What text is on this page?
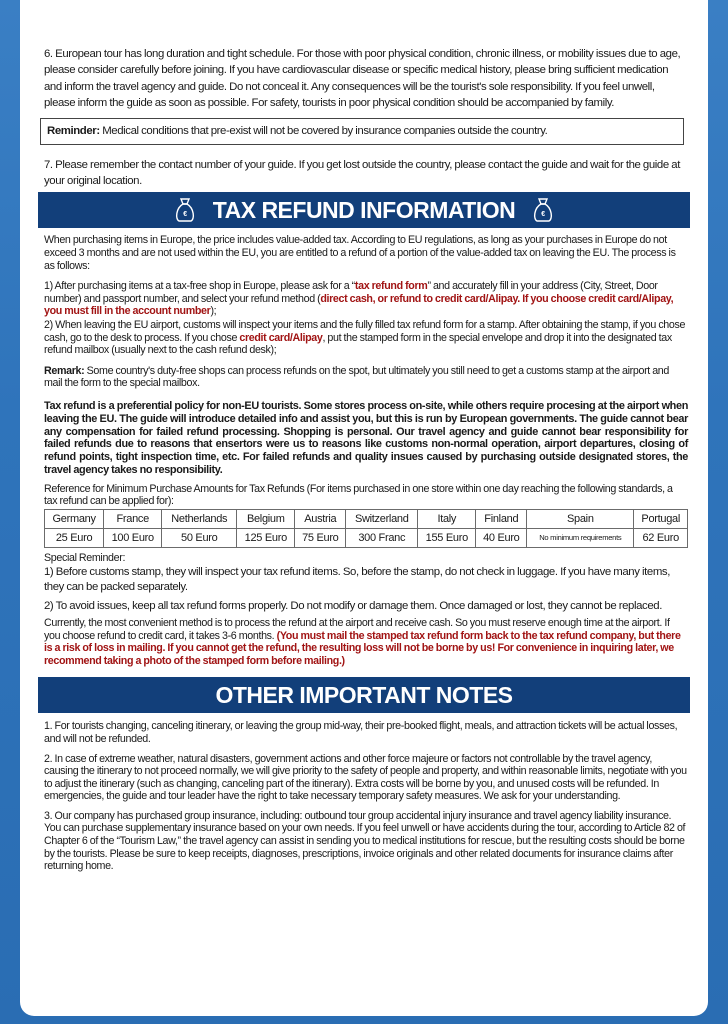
6. European tour has long duration and tight schedule. For those with poor physical condition, chronic illness, or mobility issues due to age, please consider carefully before joining. If you have cardiovascular disease or specific medical history, please bring sufficient medication and inform the travel agency and guide. Do not conceal it. Any consequences will be the tourist's sole responsibility. If you feel unwell, please inform the guide as soon as possible. For safety, tourists in poor physical condition should be accompanied by family.

Reminder: Medical conditions that pre-exist will not be covered by insurance companies outside the country.

7. Please remember the contact number of your guide. If you get lost outside the country, please contact the guide and wait for the guide at your original location.

€ TAX REFUND INFORMATION	€

When purchasing items in Europe, the price includes value-added tax. According to EU regulations, as long as your purchases in Europe do not exceed 3 months and are not used within the EU, you are entitled to a refund of a portion of the value-added tax on leaving the EU. The process is as follows:

1) After purchasing items at a tax-free shop in Europe, please ask for a “tax refund form” and accurately fill in your address (City, Street, Door number) and passport number, and select your refund method (direct cash, or refund to credit card/Alipay. If you choose credit card/Alipay, you must fill in the account number);

2) When leaving the EU airport, customs will inspect your items and the fully filled tax refund form for a stamp. After obtaining the stamp, if you chose cash, go to the desk to process. If you chose credit card/Alipay, put the stamped form in the special envelope and drop it into the designated tax refund mailbox (usually next to the cash refund desk);

Remark: Some country's duty-free shops can process refunds on the spot, but ultimately you still need to get a customs stamp at the airport and mail the form to the special mailbox.

Tax refund is a preferential policy for non-EU tourists. Some stores process on-site, while others require procesing at the airport when leaving the EU. The guide will introduce detailed info and assist you, but this is run by European governments. The guide cannot bear any compensation for failed refund processing. Shopping is personal. Our travel agency and guide cannot bear responsibility for failed refunds due to reasons that ensertors were us to reasons like customs non-normal operation, airport departures, closing of refund points, tight inspection time, etc. For failed refunds and quality insues caused by purchasing outside designated stores, the travel agency takes no responsibility.

Reference for Minimum Purchase Amounts for Tax Refunds (For items purchased in one store within one day reaching the following standards, a tax refund can be applied for):

Germany	France	Netherlands	Belgium	Austria	Switzerland	Italy	Finland	Spain	Portugal
25 Euro	100 Euro	50 Euro	125 Euro	75 Euro	300 Franc	155 Euro	40 Euro	No minimum requirements	62 Euro

Special Reminder:

1) Before customs stamp, they will inspect your tax refund items. So, before the stamp, do not check in luggage. If you have many items, they can be packed separately.

2) To avoid issues, keep all tax refund forms properly. Do not modify or damage them. Once damaged or lost, they cannot be replaced.

Currently, the most convenient method is to process the refund at the airport and receive cash. So you must reserve enough time at the airport. If you choose refund to credit card, it takes 3-6 months. (You must mail the stamped tax refund form back to the tax refund company, but there is a risk of loss in mailing. If you cannot get the refund, the resulting loss will not be borne by us! For convenience in inquiring later, we recommend taking a photo of the stamped form before mailing.)

OTHER IMPORTANT NOTES

1. For tourists changing, canceling itinerary, or leaving the group mid-way, their pre-booked flight, meals, and attraction tickets will be actual losses, and will not be refunded.

2. In case of extreme weather, natural disasters, government actions and other force majeure or factors not controllable by the travel agency, causing the itinerary to not proceed normally, we will give priority to the safety of people and property, and within reasonable limits, negotiate with you to adjust the itinerary (such as changing, canceling part of the itinerary). Extra costs will be borne by you, and unused costs will be refunded. In emergencies, the guide and tour leader have the right to take necessary temporary safety measures. We ask for your understanding.

3. Our company has purchased group insurance, including: outbound tour group accidental injury insurance and travel agency liability insurance. You can purchase supplementary insurance based on your own needs. If you feel unwell or have accidents during the tour, according to Article 82 of Chapter 6 of the “Tourism Law,” the travel agency can assist in sending you to medical institutions for rescue, but the resulting costs should be borne by the tourists. Please be sure to keep receipts, diagnoses, prescriptions, invoice originals and other related documents for insurance claims after returning home.
